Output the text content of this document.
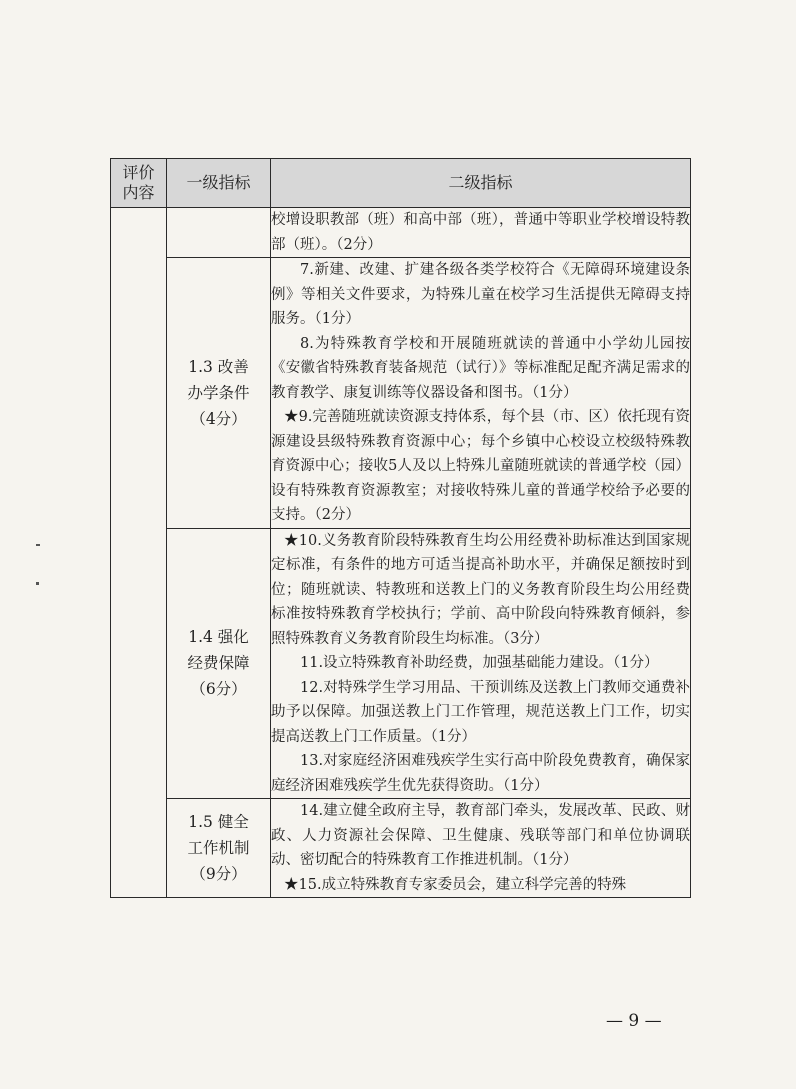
评价内容	一级指标	二级指标

		校增设职教部（班）和高中部（班），普通中等职业学校增设特教部（班）。（2分）

	1.3 改善办学条件（4分）	7.新建、改建、扩建各级各类学校符合《无障碍环境建设条例》等相关文件要求，为特殊儿童在校学习生活提供无障碍支持服务。（1分）

8.为特殊教育学校和开展随班就读的普通中小学幼儿园按《安徽省特殊教育装备规范（试行）》等标准配足配齐满足需求的教育教学、康复训练等仪器设备和图书。（1分）

★9.完善随班就读资源支持体系，每个县（市、区）依托现有资源建设县级特殊教育资源中心；每个乡镇中心校设立校级特殊教育资源中心；接收5人及以上特殊儿童随班就读的普通学校（园）设有特殊教育资源教室；对接收特殊儿童的普通学校给予必要的支持。（2分）

	1.4 强化经费保障（6分）	★10.义务教育阶段特殊教育生均公用经费补助标准达到国家规定标准，有条件的地方可适当提高补助水平，并确保足额按时到位；随班就读、特教班和送教上门的义务教育阶段生均公用经费标准按特殊教育学校执行；学前、高中阶段向特殊教育倾斜，参照特殊教育义务教育阶段生均标准。（3分）

11.设立特殊教育补助经费，加强基础能力建设。（1分）

12.对特殊学生学习用品、干预训练及送教上门教师交通费补助予以保障。加强送教上门工作管理，规范送教上门工作，切实提高送教上门工作质量。（1分）

13.对家庭经济困难残疾学生实行高中阶段免费教育，确保家庭经济困难残疾学生优先获得资助。（1分）

	1.5 健全工作机制（9分）	14.建立健全政府主导，教育部门牵头，发展改革、民政、财政、人力资源社会保障、卫生健康、残联等部门和单位协调联动、密切配合的特殊教育工作推进机制。（1分）

★15.成立特殊教育专家委员会，建立科学完善的特殊

— 9 —
